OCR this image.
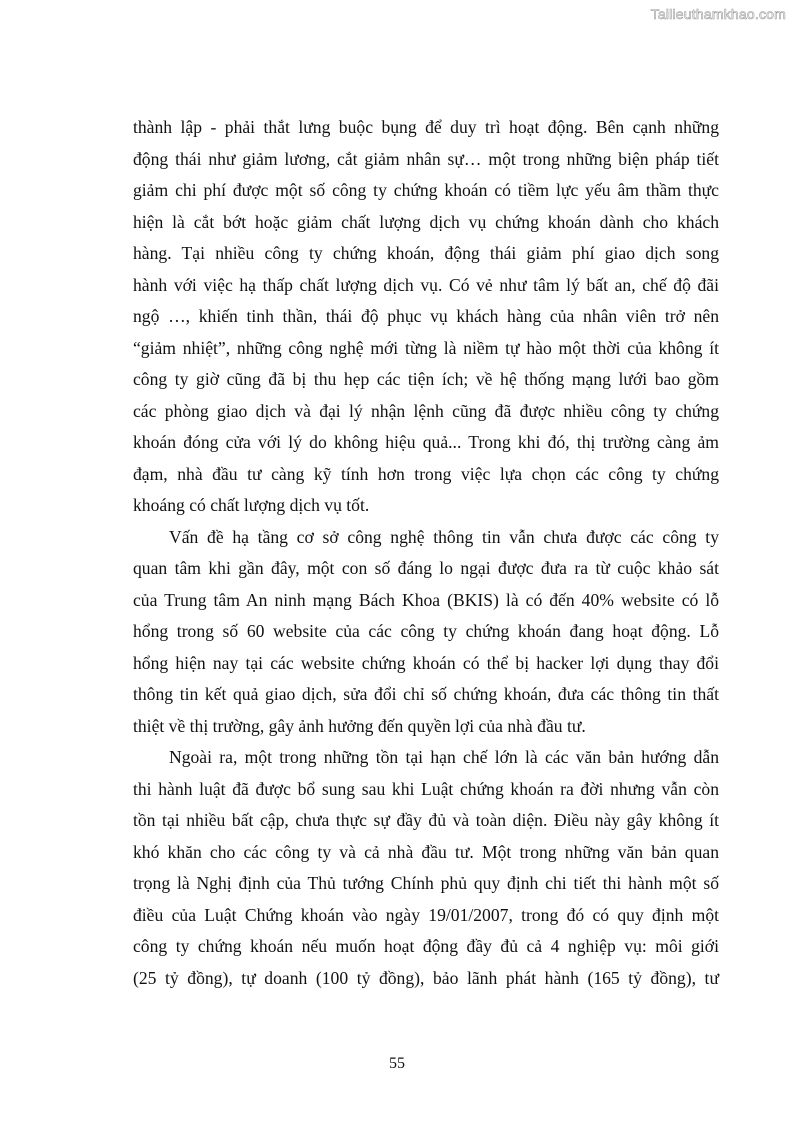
Tailieuthamkhao.com

thành lập - phải thắt lưng buộc bụng để duy trì hoạt động. Bên cạnh những

động thái như giảm lương, cắt giảm nhân sự… một trong những biện pháp tiết

giảm chi phí được một số công ty chứng khoán có tiềm lực yếu âm thầm thực

hiện là cắt bớt hoặc giảm chất lượng dịch vụ chứng khoán dành cho khách

hàng. Tại nhiều công ty chứng khoán, động thái giảm phí giao dịch song

hành với việc hạ thấp chất lượng dịch vụ. Có vẻ như tâm lý bất an, chế độ đãi

ngộ …, khiến tinh thần, thái độ phục vụ khách hàng của nhân viên trở nên

“giảm nhiệt”, những công nghệ mới từng là niềm tự hào một thời của không ít

công ty giờ cũng đã bị thu hẹp các tiện ích; về hệ thống mạng lưới bao gồm

các phòng giao dịch và đại lý nhận lệnh cũng đã được nhiều công ty chứng

khoán đóng cửa với lý do không hiệu quả... Trong khi đó, thị trường càng ảm

đạm, nhà đầu tư càng kỹ tính hơn trong việc lựa chọn các công ty chứng

khoáng có chất lượng dịch vụ tốt.

Vấn đề hạ tầng cơ sở công nghệ thông tin vẫn chưa được các công ty

quan tâm khi gần đây, một con số đáng lo ngại được đưa ra từ cuộc khảo sát

của Trung tâm An ninh mạng Bách Khoa (BKIS) là có đến 40% website có lỗ

hổng trong số 60 website của các công ty chứng khoán đang hoạt động. Lỗ

hổng hiện nay tại các website chứng khoán có thể bị hacker lợi dụng thay đổi

thông tin kết quả giao dịch, sửa đổi chỉ số chứng khoán, đưa các thông tin thất

thiệt về thị trường, gây ảnh hưởng đến quyền lợi của nhà đầu tư.

Ngoài ra, một trong những tồn tại hạn chế lớn là các văn bản hướng dẫn

thi hành luật đã được bổ sung sau khi Luật chứng khoán ra đời nhưng vẫn còn

tồn tại nhiều bất cập, chưa thực sự đầy đủ và toàn diện. Điều này gây không ít

khó khăn cho các công ty và cả nhà đầu tư. Một trong những văn bản quan

trọng là Nghị định của Thủ tướng Chính phủ quy định chi tiết thi hành một số

điều của Luật Chứng khoán vào ngày 19/01/2007, trong đó có quy định một

công ty chứng khoán nếu muốn hoạt động đầy đủ cả 4 nghiệp vụ: môi giới

(25 tỷ đồng), tự doanh (100 tỷ đồng), bảo lãnh phát hành (165 tỷ đồng), tư

55
